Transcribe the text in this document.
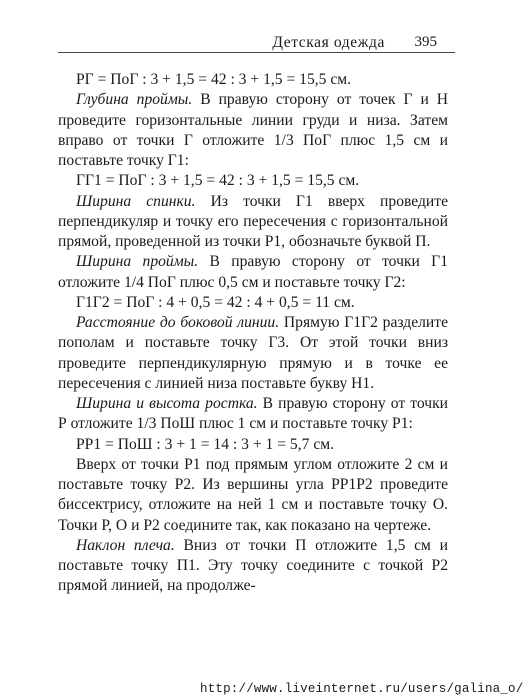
Детская одежда 395

РГ = ПоГ : 3 + 1,5 = 42 : 3 + 1,5 = 15,5 см.

Глубина проймы. В правую сторону от точек Г и Н проведите горизонтальные линии груди и низа. Затем вправо от точки Г отложите 1/3 ПоГ плюс 1,5 см и поставьте точку Г1:

ГГ1 = ПоГ : 3 + 1,5 = 42 : 3 + 1,5 = 15,5 см.

Ширина спинки. Из точки Г1 вверх проведите перпендикуляр и точку его пересечения с горизонтальной прямой, проведенной из точки Р1, обозначьте буквой П.

Ширина проймы. В правую сторону от точки Г1 отложите 1/4 ПоГ плюс 0,5 см и поставьте точку Г2:

Г1Г2 = ПоГ : 4 + 0,5 = 42 : 4 + 0,5 = 11 см.

Расстояние до боковой линии. Прямую Г1Г2 разделите пополам и поставьте точку Г3. От этой точки вниз проведите перпендикулярную прямую и в точке ее пересечения с линией низа поставьте букву Н1.

Ширина и высота ростка. В правую сторону от точки Р отложите 1/3 ПоШ плюс 1 см и поставьте точку Р1:

РР1 = ПоШ : 3 + 1 = 14 : 3 + 1 = 5,7 см.

Вверх от точки Р1 под прямым углом отложите 2 см и поставьте точку Р2. Из вершины угла РР1Р2 проведите биссектрису, отложите на ней 1 см и поставьте точку О. Точки Р, О и Р2 соедините так, как показано на чертеже.

Наклон плеча. Вниз от точки П отложите 1,5 см и поставьте точку П1. Эту точку соедините с точкой Р2 прямой линией, на продолже-

http://www.liveinternet.ru/users/galina_o/
